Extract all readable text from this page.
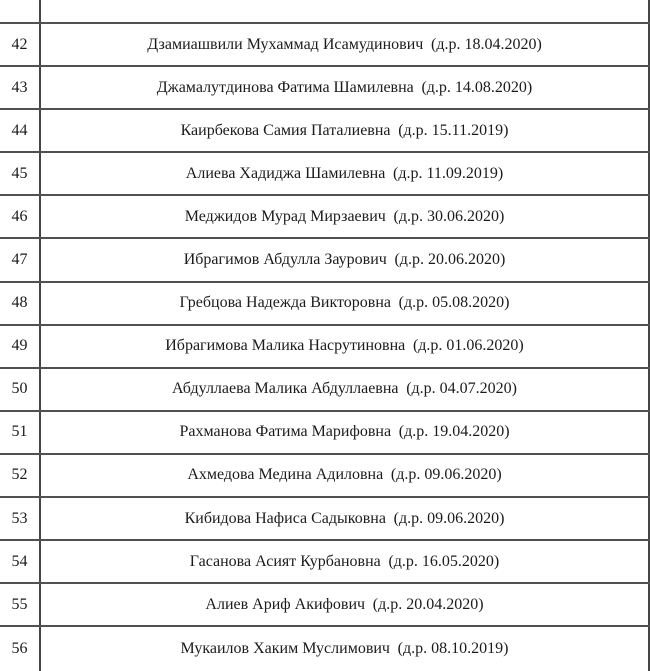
42	Дзамиашвили Мухаммад Исамудинович (д.р. 18.04.2020)
43	Джамалутдинова Фатима Шамилевна (д.р. 14.08.2020)
44	Каирбекова Самия Паталиевна (д.р. 15.11.2019)
45	Алиева Хадиджа Шамилевна (д.р. 11.09.2019)
46	Меджидов Мурад Мирзаевич (д.р. 30.06.2020)
47	Ибрагимов Абдулла Заурович (д.р. 20.06.2020)
48	Гребцова Надежда Викторовна (д.р. 05.08.2020)
49	Ибрагимова Малика Насрутиновна (д.р. 01.06.2020)
50	Абдуллаева Малика Абдуллаевна (д.р. 04.07.2020)
51	Рахманова Фатима Марифовна (д.р. 19.04.2020)
52	Ахмедова Медина Адиловна (д.р. 09.06.2020)
53	Кибидова Нафиса Садыковна (д.р. 09.06.2020)
54	Гасанова Асият Курбановна (д.р. 16.05.2020)
55	Алиев Ариф Акифович (д.р. 20.04.2020)
56	Мукаилов Хаким Муслимович (д.р. 08.10.2019)
